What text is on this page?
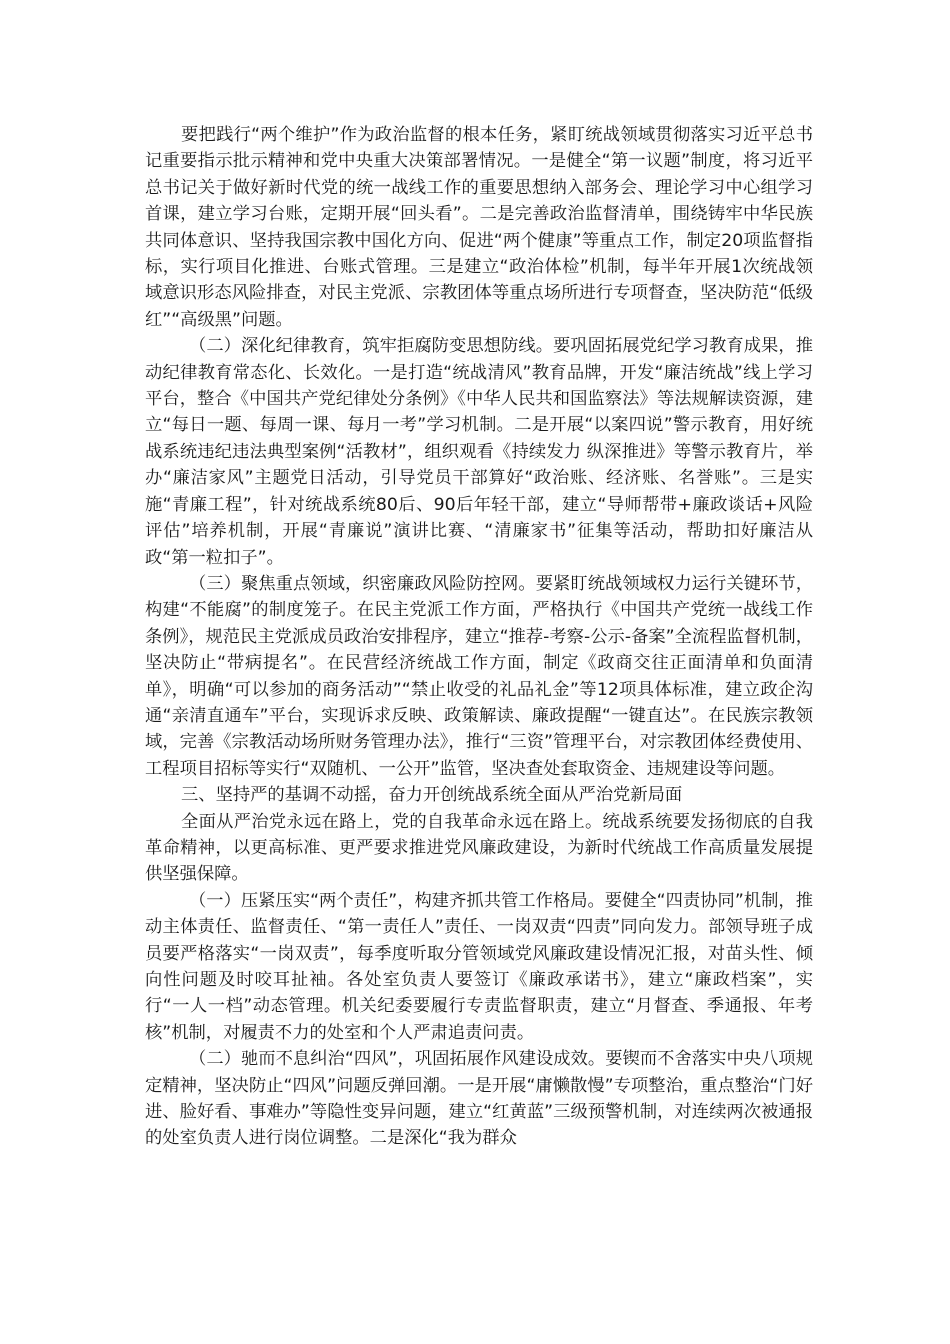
要把践行“两个维护”作为政治监督的根本任务，紧盯统战领域贯彻落实习近平总书记重要指示批示精神和党中央重大决策部署情况。一是健全“第一议题”制度，将习近平总书记关于做好新时代党的统一战线工作的重要思想纳入部务会、理论学习中心组学习首课，建立学习台账，定期开展“回头看”。二是完善政治监督清单，围绕铸牢中华民族共同体意识、坚持我国宗教中国化方向、促进“两个健康”等重点工作，制定20项监督指标，实行项目化推进、台账式管理。三是建立“政治体检”机制，每半年开展1次统战领域意识形态风险排查，对民主党派、宗教团体等重点场所进行专项督查，坚决防范“低级红”“高级黑”问题。

（二）深化纪律教育，筑牢拒腐防变思想防线。要巩固拓展党纪学习教育成果，推动纪律教育常态化、长效化。一是打造“统战清风”教育品牌，开发“廉洁统战”线上学习平台，整合《中国共产党纪律处分条例》《中华人民共和国监察法》等法规解读资源，建立“每日一题、每周一课、每月一考”学习机制。二是开展“以案四说”警示教育，用好统战系统违纪违法典型案例“活教材”，组织观看《持续发力 纵深推进》等警示教育片，举办“廉洁家风”主题党日活动，引导党员干部算好“政治账、经济账、名誉账”。三是实施“青廉工程”，针对统战系统80后、90后年轻干部，建立“导师帮带+廉政谈话+风险评估”培养机制，开展“青廉说”演讲比赛、“清廉家书”征集等活动，帮助扣好廉洁从政“第一粒扣子”。

（三）聚焦重点领域，织密廉政风险防控网。要紧盯统战领域权力运行关键环节，构建“不能腐”的制度笼子。在民主党派工作方面，严格执行《中国共产党统一战线工作条例》，规范民主党派成员政治安排程序，建立“推荐-考察-公示-备案”全流程监督机制，坚决防止“带病提名”。在民营经济统战工作方面，制定《政商交往正面清单和负面清单》，明确“可以参加的商务活动”“禁止收受的礼品礼金”等12项具体标准，建立政企沟通“亲清直通车”平台，实现诉求反映、政策解读、廉政提醒“一键直达”。在民族宗教领域，完善《宗教活动场所财务管理办法》，推行“三资”管理平台，对宗教团体经费使用、工程项目招标等实行“双随机、一公开”监管，坚决查处套取资金、违规建设等问题。

三、坚持严的基调不动摇，奋力开创统战系统全面从严治党新局面

全面从严治党永远在路上，党的自我革命永远在路上。统战系统要发扬彻底的自我革命精神，以更高标准、更严要求推进党风廉政建设，为新时代统战工作高质量发展提供坚强保障。

（一）压紧压实“两个责任”，构建齐抓共管工作格局。要健全“四责协同”机制，推动主体责任、监督责任、“第一责任人”责任、一岗双责“四责”同向发力。部领导班子成员要严格落实“一岗双责”，每季度听取分管领域党风廉政建设情况汇报，对苗头性、倾向性问题及时咬耳扯袖。各处室负责人要签订《廉政承诺书》，建立“廉政档案”，实行“一人一档”动态管理。机关纪委要履行专责监督职责，建立“月督查、季通报、年考核”机制，对履责不力的处室和个人严肃追责问责。

（二）驰而不息纠治“四风”，巩固拓展作风建设成效。要锲而不舍落实中央八项规定精神，坚决防止“四风”问题反弹回潮。一是开展“庸懒散慢”专项整治，重点整治“门好进、脸好看、事难办”等隐性变异问题，建立“红黄蓝”三级预警机制，对连续两次被通报的处室负责人进行岗位调整。二是深化“我为群众
